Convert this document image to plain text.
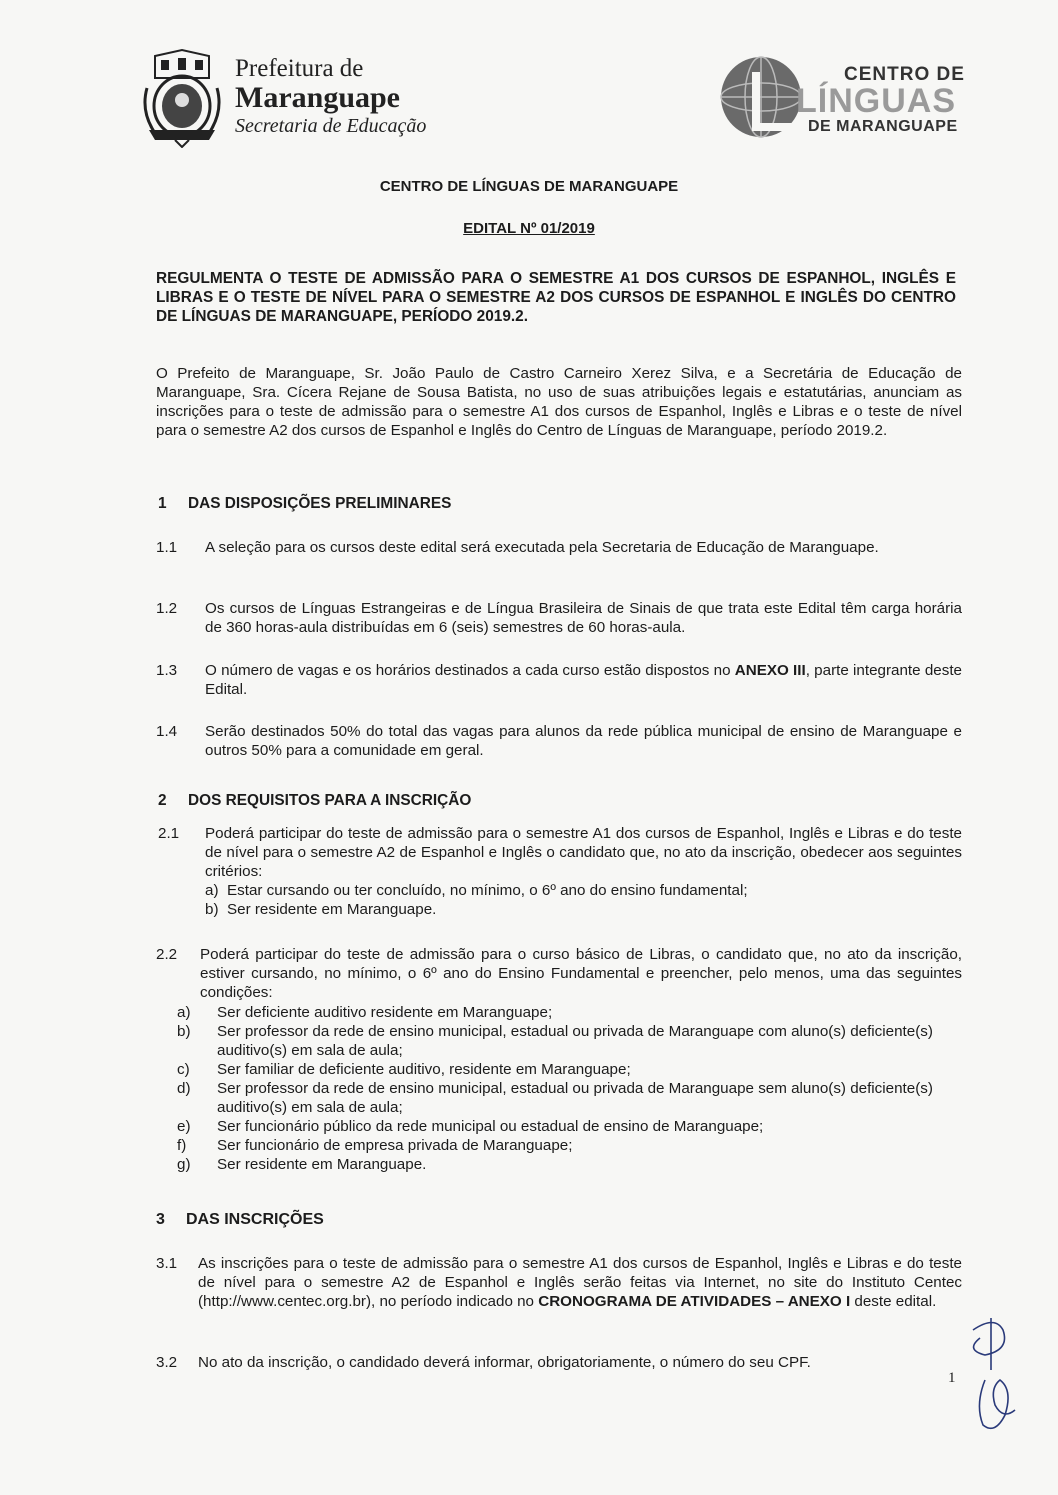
Prefeitura de
Maranguape
Secretaria de Educação
CENTRO DE
LÍNGUAS
DE MARANGUAPE
CENTRO DE LÍNGUAS DE MARANGUAPE
EDITAL Nº 01/2019
REGULMENTA O TESTE DE ADMISSÃO PARA O SEMESTRE A1 DOS CURSOS DE ESPANHOL, INGLÊS E LIBRAS E O TESTE DE NÍVEL PARA O SEMESTRE A2 DOS CURSOS DE ESPANHOL E INGLÊS DO CENTRO DE LÍNGUAS DE MARANGUAPE, PERÍODO 2019.2.
O Prefeito de Maranguape, Sr. João Paulo de Castro Carneiro Xerez Silva, e a Secretária de Educação de Maranguape, Sra. Cícera Rejane de Sousa Batista, no uso de suas atribuições legais e estatutárias, anunciam as inscrições para o teste de admissão para o semestre A1 dos cursos de Espanhol, Inglês e Libras e o teste de nível para o semestre A2 dos cursos de Espanhol e Inglês do Centro de Línguas de Maranguape, período 2019.2.
1 DAS DISPOSIÇÕES PRELIMINARES
1.1 A seleção para os cursos deste edital será executada pela Secretaria de Educação de Maranguape.
1.2 Os cursos de Línguas Estrangeiras e de Língua Brasileira de Sinais de que trata este Edital têm carga horária de 360 horas-aula distribuídas em 6 (seis) semestres de 60 horas-aula.
1.3 O número de vagas e os horários destinados a cada curso estão dispostos no ANEXO III, parte integrante deste Edital.
1.4 Serão destinados 50% do total das vagas para alunos da rede pública municipal de ensino de Maranguape e outros 50% para a comunidade em geral.
2 DOS REQUISITOS PARA A INSCRIÇÃO
2.1 Poderá participar do teste de admissão para o semestre A1 dos cursos de Espanhol, Inglês e Libras e do teste de nível para o semestre A2 de Espanhol e Inglês o candidato que, no ato da inscrição, obedecer aos seguintes critérios:
a) Estar cursando ou ter concluído, no mínimo, o 6º ano do ensino fundamental;
b) Ser residente em Maranguape.
2.2 Poderá participar do teste de admissão para o curso básico de Libras, o candidato que, no ato da inscrição, estiver cursando, no mínimo, o 6º ano do Ensino Fundamental e preencher, pelo menos, uma das seguintes condições:
a) Ser deficiente auditivo residente em Maranguape;
b) Ser professor da rede de ensino municipal, estadual ou privada de Maranguape com aluno(s) deficiente(s) auditivo(s) em sala de aula;
c) Ser familiar de deficiente auditivo, residente em Maranguape;
d) Ser professor da rede de ensino municipal, estadual ou privada de Maranguape sem aluno(s) deficiente(s) auditivo(s) em sala de aula;
e) Ser funcionário público da rede municipal ou estadual de ensino de Maranguape;
f) Ser funcionário de empresa privada de Maranguape;
g) Ser residente em Maranguape.
3 DAS INSCRIÇÕES
3.1 As inscrições para o teste de admissão para o semestre A1 dos cursos de Espanhol, Inglês e Libras e do teste de nível para o semestre A2 de Espanhol e Inglês serão feitas via Internet, no site do Instituto Centec (http://www.centec.org.br), no período indicado no CRONOGRAMA DE ATIVIDADES – ANEXO I deste edital.
3.2 No ato da inscrição, o candidado deverá informar, obrigatoriamente, o número do seu CPF.
1
